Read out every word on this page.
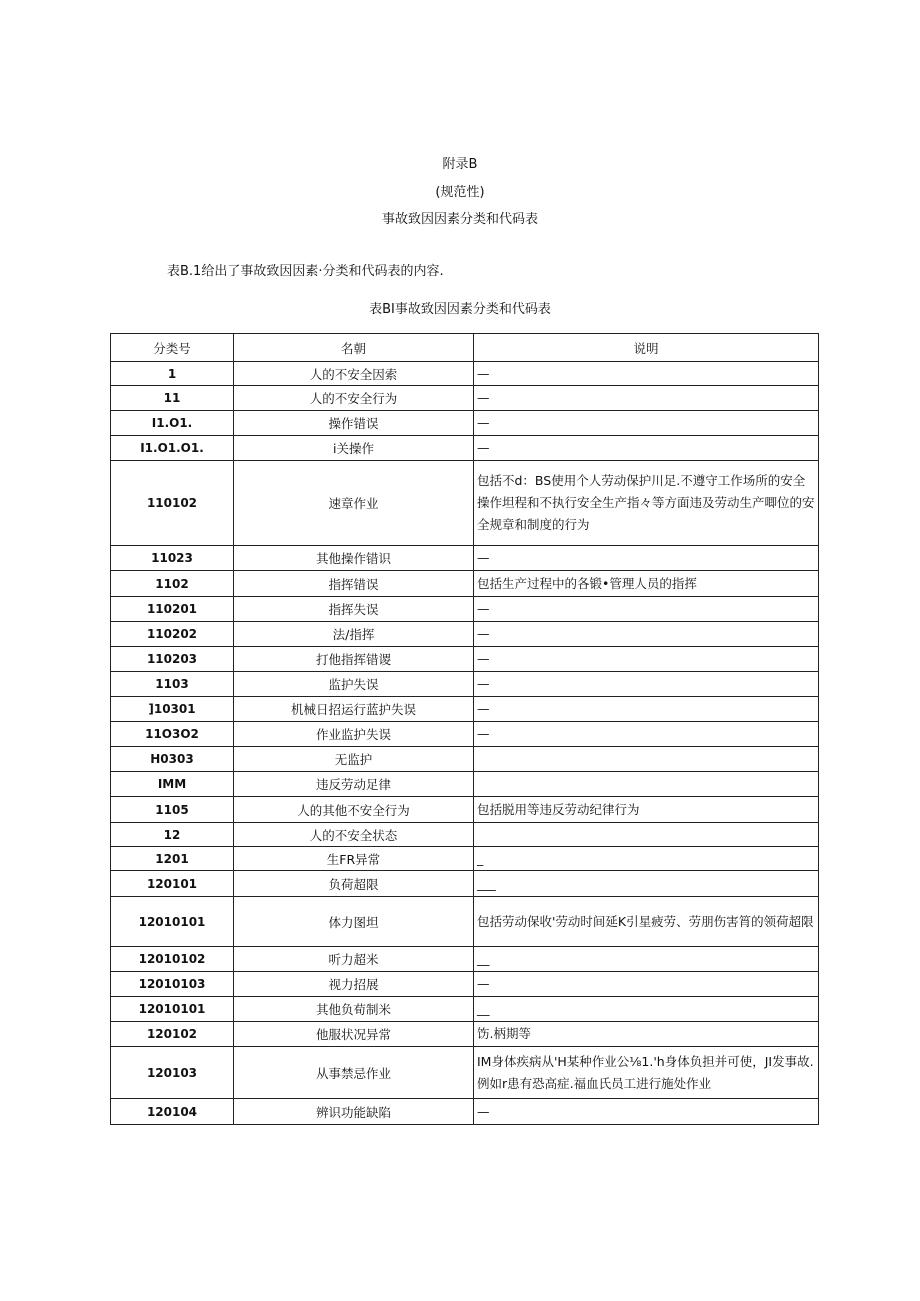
附录B
(规范性)
事故致因因素分类和代码表
表B.1给出了事故致因因素·分类和代码表的内容.
表BI事故致因因素分类和代码表
分类号	名朝	说明
1	人的不安全因索	—
11	人的不安全行为	—
I1.O1.	操作错误	—
I1.O1.O1.	i关操作	—
110102	速章作业	包括不d：BS使用个人劳动保护川足.不遵守工作场所的安全操作坦程和不执行安全生产指々等方面违及劳动生产唧位的安全规章和制度的行为
11023	其他操作错识	—
1102	指挥错误	包括生产过程中的各锻•管理人员的指挥
110201	指挥失误	—
110202	法/指挥	—
110203	打他指挥错谡	—
1103	监护失误	—
]10301	机械日招运行蓝护失误	—
11O3O2	作业监护失误	—
H0303	无监护	
IMM	违反劳动足律	
1105	人的其他不安全行为	包括脱用等违反劳动纪律行为
12	人的不安全状态	
1201	生FR异常	_
120101	负荷超限	___
12010101	体力图坦	包括劳动保收'劳动时间延K引星疲劳、劳朋伤害筲的领荷超限
12010102	听力超米	__
12010103	视力招展	—
12010101	其他负荀制米	__
120102	他服状况异常	饬.柄期等
120103	从事禁忌作业	IM身体疾病从'H某种作业公⅛1.'h身体负担并可使，JI发事故.例如r患有恐高症.福血氏员工进行施处作业
120104	辨识功能缺陷	—
